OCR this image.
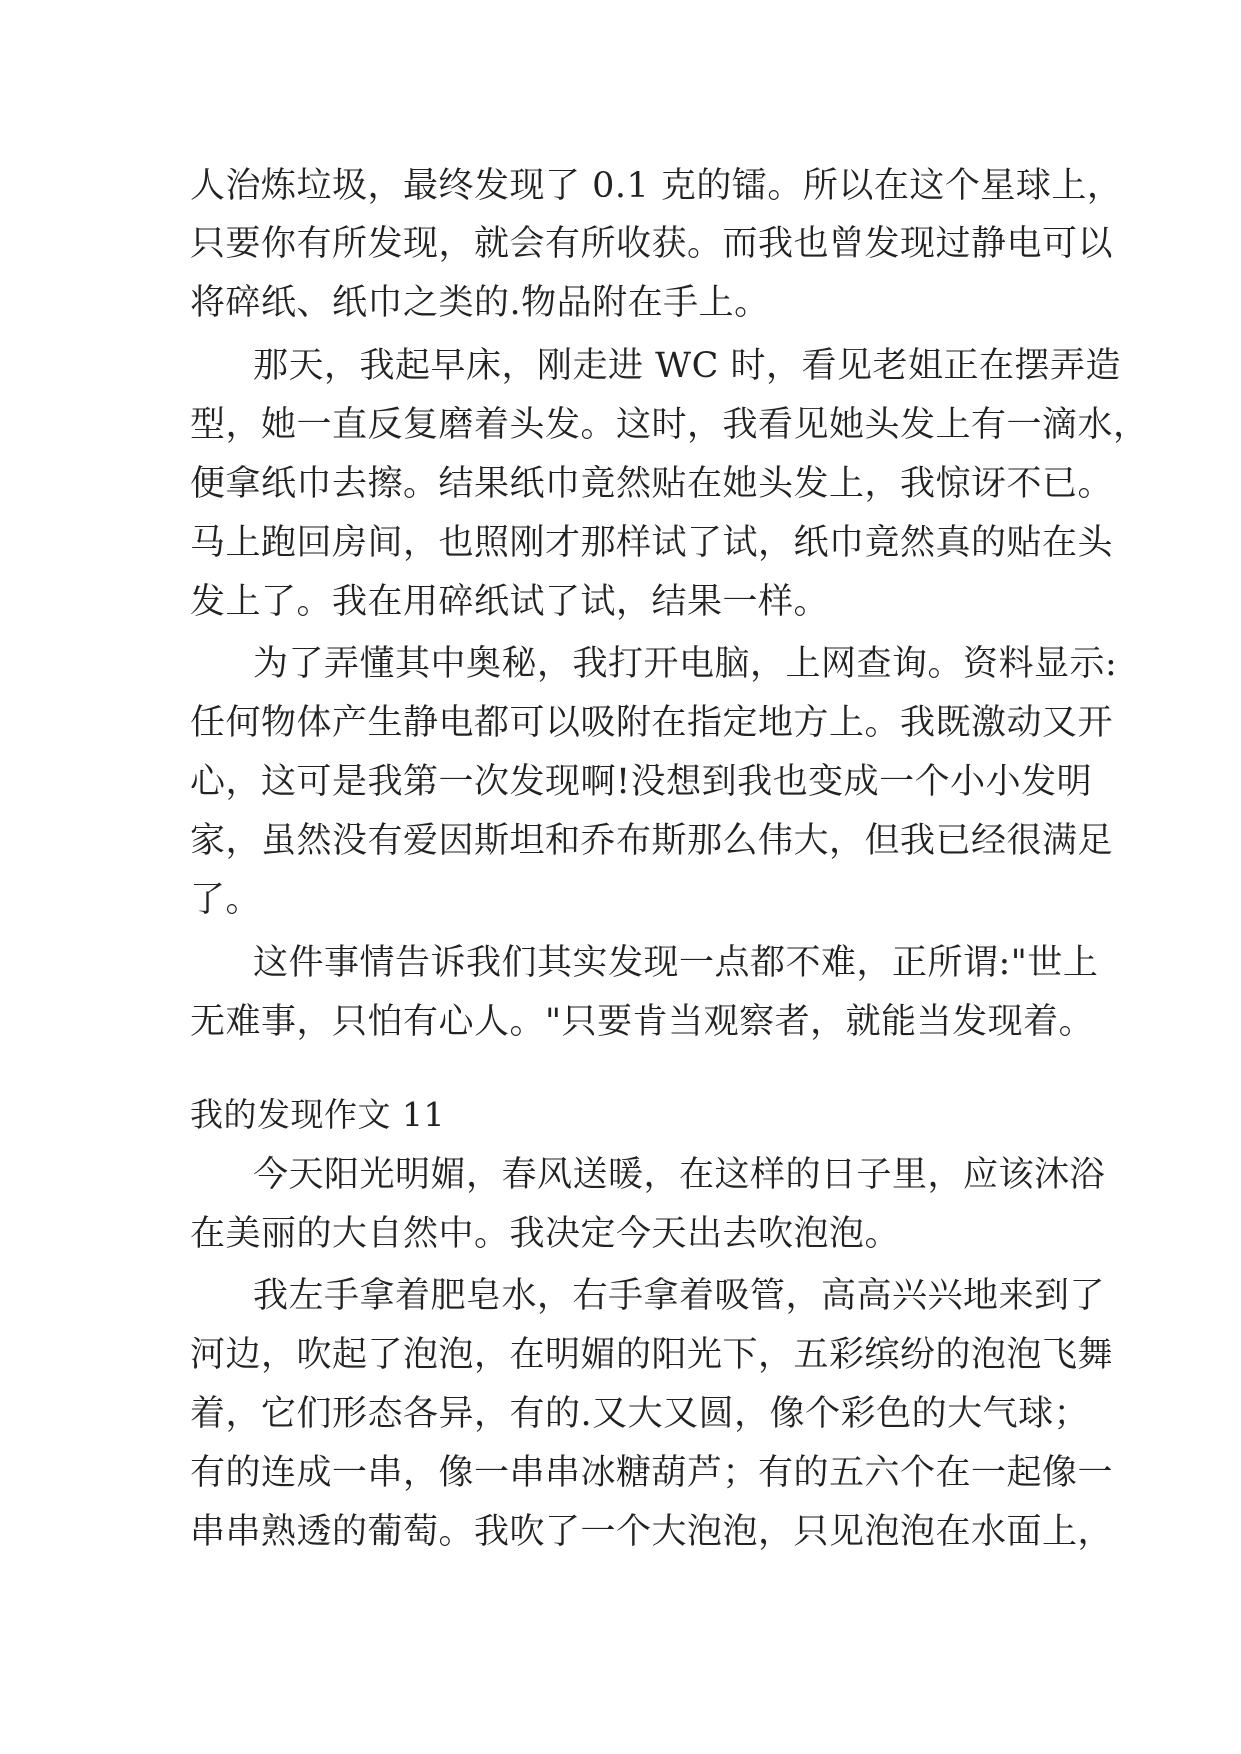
人治炼垃圾，最终发现了 0.1 克的镭。所以在这个星球上，
只要你有所发现，就会有所收获。而我也曾发现过静电可以
将碎纸、纸巾之类的.物品附在手上。
那天，我起早床，刚走进 WC 时，看见老姐正在摆弄造
型，她一直反复磨着头发。这时，我看见她头发上有一滴水，
便拿纸巾去擦。结果纸巾竟然贴在她头发上，我惊讶不已。
马上跑回房间，也照刚才那样试了试，纸巾竟然真的贴在头
发上了。我在用碎纸试了试，结果一样。
为了弄懂其中奥秘，我打开电脑，上网查询。资料显示:
任何物体产生静电都可以吸附在指定地方上。我既激动又开
心，这可是我第一次发现啊!没想到我也变成一个小小发明
家，虽然没有爱因斯坦和乔布斯那么伟大，但我已经很满足
了。
这件事情告诉我们其实发现一点都不难，正所谓:"世上
无难事，只怕有心人。"只要肯当观察者，就能当发现着。
我的发现作文 11
今天阳光明媚，春风送暖，在这样的日子里，应该沐浴
在美丽的大自然中。我决定今天出去吹泡泡。
我左手拿着肥皂水，右手拿着吸管，高高兴兴地来到了
河边，吹起了泡泡，在明媚的阳光下，五彩缤纷的泡泡飞舞
着，它们形态各异，有的.又大又圆，像个彩色的大气球；
有的连成一串，像一串串冰糖葫芦；有的五六个在一起像一
串串熟透的葡萄。我吹了一个大泡泡，只见泡泡在水面上，
